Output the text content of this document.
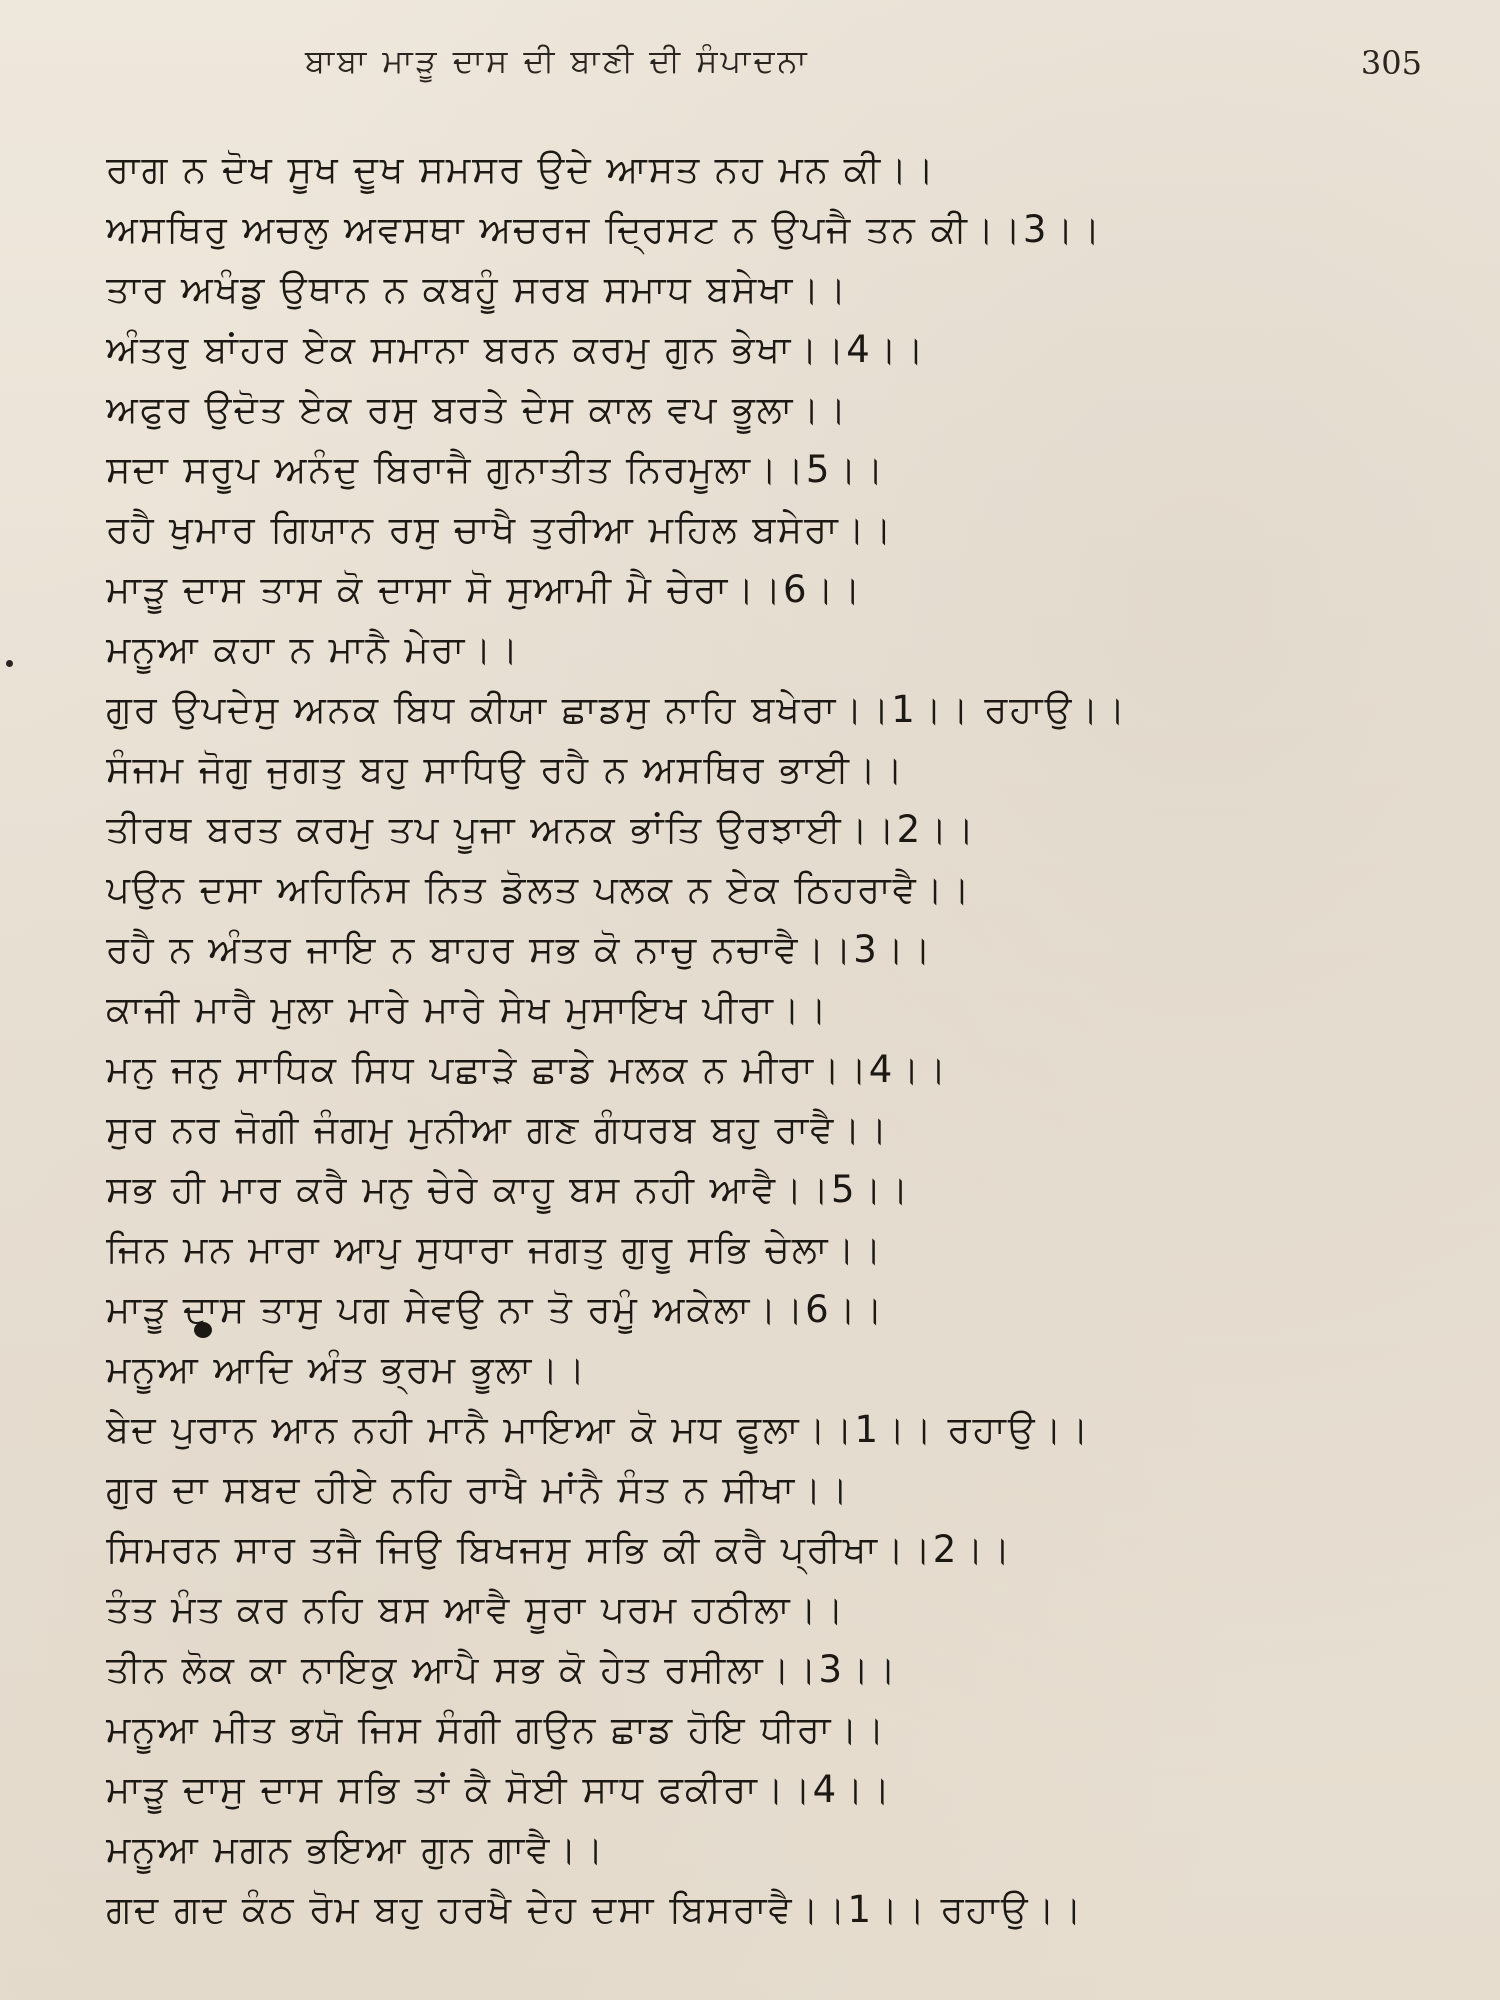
ਬਾਬਾ ਮਾੜੂ ਦਾਸ ਦੀ ਬਾਣੀ ਦੀ ਸੰਪਾਦਨਾ	305
ਰਾਗ ਨ ਦੋਖ ਸੂਖ ਦੂਖ ਸਮਸਰ ਉਦੇ ਆਸਤ ਨਹ ਮਨ ਕੀ।।
ਅਸਥਿਰੁ ਅਚਲੁ ਅਵਸਥਾ ਅਚਰਜ ਦ੍ਰਿਸਟ ਨ ਉਪਜੈ ਤਨ ਕੀ।।3।।
ਤਾਰ ਅਖੰਡੁ ਉਥਾਨ ਨ ਕਬਹੂੰ ਸਰਬ ਸਮਾਧ ਬਸੇਖਾ।।
ਅੰਤਰੁ ਬਾਂਹਰ ਏਕ ਸਮਾਨਾ ਬਰਨ ਕਰਮੁ ਗੁਨ ਭੇਖਾ।।4।।
ਅਫੁਰ ਉਦੋਤ ਏਕ ਰਸੁ ਬਰਤੇ ਦੇਸ ਕਾਲ ਵਪ ਭੂਲਾ।।
ਸਦਾ ਸਰੂਪ ਅਨੰਦੁ ਬਿਰਾਜੈ ਗੁਨਾਤੀਤ ਨਿਰਮੂਲਾ।।5।।
ਰਹੈ ਖੁਮਾਰ ਗਿਯਾਨ ਰਸੁ ਚਾਖੈ ਤੁਰੀਆ ਮਹਿਲ ਬਸੇਰਾ।।
ਮਾੜੂ ਦਾਸ ਤਾਸ ਕੋ ਦਾਸਾ ਸੋ ਸੁਆਮੀ ਮੈ ਚੇਰਾ।।6।।
ਮਨੂਆ ਕਹਾ ਨ ਮਾਨੈ ਮੇਰਾ।।
ਗੁਰ ਉਪਦੇਸੁ ਅਨਕ ਬਿਧ ਕੀਯਾ ਛਾਡਸੁ ਨਾਹਿ ਬਖੇਰਾ।।1।। ਰਹਾਉ।।
ਸੰਜਮ ਜੋਗੁ ਜੁਗਤੁ ਬਹੁ ਸਾਧਿਉ ਰਹੈ ਨ ਅਸਥਿਰ ਭਾਈ।।
ਤੀਰਥ ਬਰਤ ਕਰਮੁ ਤਪ ਪੂਜਾ ਅਨਕ ਭਾਂਤਿ ਉਰਝਾਈ।।2।।
ਪਉਨ ਦਸਾ ਅਹਿਨਿਸ ਨਿਤ ਡੋਲਤ ਪਲਕ ਨ ਏਕ ਠਿਹਰਾਵੈ।।
ਰਹੈ ਨ ਅੰਤਰ ਜਾਇ ਨ ਬਾਹਰ ਸਭ ਕੋ ਨਾਚੁ ਨਚਾਵੈ।।3।।
ਕਾਜੀ ਮਾਰੈ ਮੁਲਾ ਮਾਰੇ ਮਾਰੇ ਸੇਖ ਮੁਸਾਇਖ ਪੀਰਾ।।
ਮਨੁ ਜਨੁ ਸਾਧਿਕ ਸਿਧ ਪਛਾੜੇ ਛਾਡੇ ਮਲਕ ਨ ਮੀਰਾ।।4।।
ਸੁਰ ਨਰ ਜੋਗੀ ਜੰਗਮੁ ਮੁਨੀਆ ਗਣ ਗੰਧਰਬ ਬਹੁ ਰਾਵੈ।।
ਸਭ ਹੀ ਮਾਰ ਕਰੈ ਮਨੁ ਚੇਰੇ ਕਾਹੂ ਬਸ ਨਹੀ ਆਵੈ।।5।।
ਜਿਨ ਮਨ ਮਾਰਾ ਆਪੁ ਸੁਧਾਰਾ ਜਗਤੁ ਗੁਰੂ ਸਭਿ ਚੇਲਾ।।
ਮਾੜੂ ਦਾਸ ਤਾਸੁ ਪਗ ਸੇਵਉ ਨਾ ਤੋ ਰਮੂੰ ਅਕੇਲਾ।।6।।
ਮਨੂਆ ਆਦਿ ਅੰਤ ਭ੍ਰਮ ਭੂਲਾ।।
ਬੇਦ ਪੁਰਾਨ ਆਨ ਨਹੀ ਮਾਨੈ ਮਾਇਆ ਕੋ ਮਧ ਫੂਲਾ।।1।। ਰਹਾਉ।।
ਗੁਰ ਦਾ ਸਬਦ ਹੀਏ ਨਹਿ ਰਾਖੈ ਮਾਂਨੈ ਸੰਤ ਨ ਸੀਖਾ।।
ਸਿਮਰਨ ਸਾਰ ਤਜੈ ਜਿਉ ਬਿਖਜਸੁ ਸਭਿ ਕੀ ਕਰੈ ਪ੍ਰੀਖਾ।।2।।
ਤੰਤ ਮੰਤ ਕਰ ਨਹਿ ਬਸ ਆਵੈ ਸੂਰਾ ਪਰਮ ਹਠੀਲਾ।।
ਤੀਨ ਲੋਕ ਕਾ ਨਾਇਕੁ ਆਪੈ ਸਭ ਕੋ ਹੇਤ ਰਸੀਲਾ।।3।।
ਮਨੂਆ ਮੀਤ ਭਯੋ ਜਿਸ ਸੰਗੀ ਗਉਨ ਛਾਡ ਹੋਇ ਧੀਰਾ।।
ਮਾੜੂ ਦਾਸੁ ਦਾਸ ਸਭਿ ਤਾਂ ਕੈ ਸੋਈ ਸਾਧ ਫਕੀਰਾ।।4।।
ਮਨੂਆ ਮਗਨ ਭਇਆ ਗੁਨ ਗਾਵੈ।।
ਗਦ ਗਦ ਕੰਠ ਰੋਮ ਬਹੁ ਹਰਖੈ ਦੇਹ ਦਸਾ ਬਿਸਰਾਵੈ।।1।। ਰਹਾਉ।।
